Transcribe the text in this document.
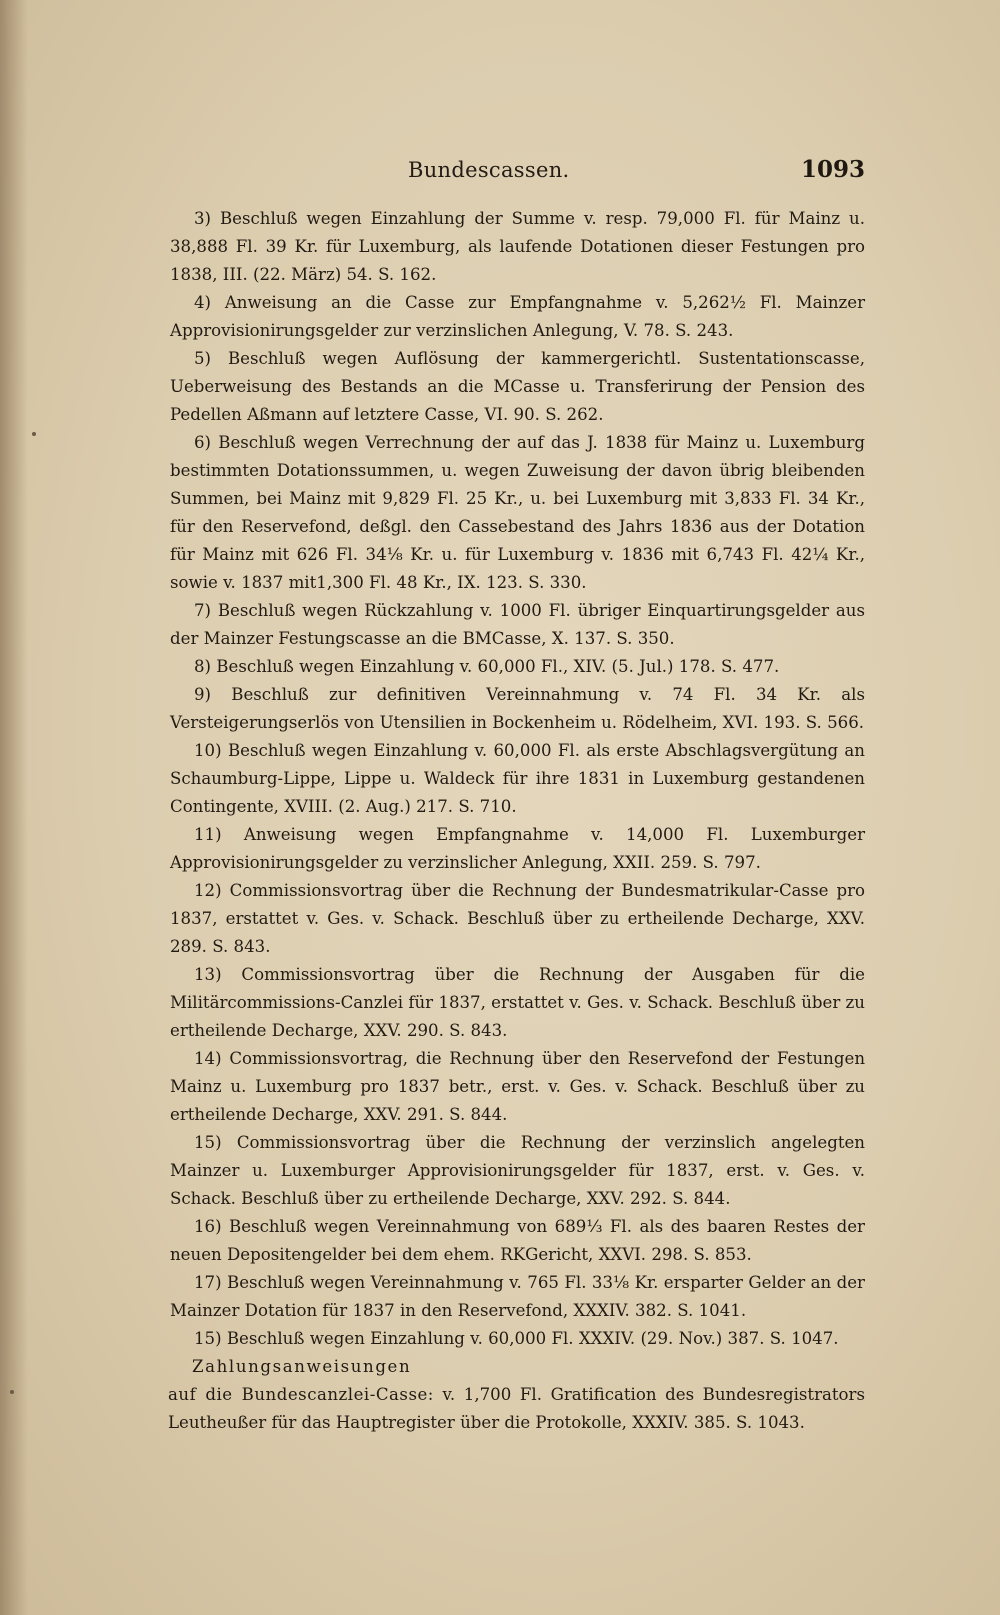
Bundescassen.	1093

3) Beschluß wegen Einzahlung der Summe v. resp. 79,000 Fl. für Mainz u. 38,888 Fl. 39 Kr. für Luxemburg, als laufende Dotationen dieser Festungen pro 1838, III. (22. März) 54. S. 162.

4) Anweisung an die Casse zur Empfangnahme v. 5,262½ Fl. Mainzer Approvisionirungsgelder zur verzinslichen Anlegung, V. 78. S. 243.

5) Beschluß wegen Auflösung der kammergerichtl. Sustentationscasse, Ueberweisung des Bestands an die MCasse u. Transferirung der Pension des Pedellen Aßmann auf letztere Casse, VI. 90. S. 262.

6) Beschluß wegen Verrechnung der auf das J. 1838 für Mainz u. Luxemburg bestimmten Dotationssummen, u. wegen Zuweisung der davon übrig bleibenden Summen, bei Mainz mit 9,829 Fl. 25 Kr., u. bei Luxemburg mit 3,833 Fl. 34 Kr., für den Reservefond, deßgl. den Cassebestand des Jahrs 1836 aus der Dotation für Mainz mit 626 Fl. 34⅛ Kr. u. für Luxemburg v. 1836 mit 6,743 Fl. 42¼ Kr., sowie v. 1837 mit1,300 Fl. 48 Kr., IX. 123. S. 330.

7) Beschluß wegen Rückzahlung v. 1000 Fl. übriger Einquartirungsgelder aus der Mainzer Festungscasse an die BMCasse, X. 137. S. 350.

8) Beschluß wegen Einzahlung v. 60,000 Fl., XIV. (5. Jul.) 178. S. 477.

9) Beschluß zur definitiven Vereinnahmung v. 74 Fl. 34 Kr. als Versteigerungserlös von Utensilien in Bockenheim u. Rödelheim, XVI. 193. S. 566.

10) Beschluß wegen Einzahlung v. 60,000 Fl. als erste Abschlagsvergütung an Schaumburg-Lippe, Lippe u. Waldeck für ihre 1831 in Luxemburg gestandenen Contingente, XVIII. (2. Aug.) 217. S. 710.

11) Anweisung wegen Empfangnahme v. 14,000 Fl. Luxemburger Approvisionirungsgelder zu verzinslicher Anlegung, XXII. 259. S. 797.

12) Commissionsvortrag über die Rechnung der Bundesmatrikular-Casse pro 1837, erstattet v. Ges. v. Schack. Beschluß über zu ertheilende Decharge, XXV. 289. S. 843.

13) Commissionsvortrag über die Rechnung der Ausgaben für die Militärcommissions-Canzlei für 1837, erstattet v. Ges. v. Schack. Beschluß über zu ertheilende Decharge, XXV. 290. S. 843.

14) Commissionsvortrag, die Rechnung über den Reservefond der Festungen Mainz u. Luxemburg pro 1837 betr., erst. v. Ges. v. Schack. Beschluß über zu ertheilende Decharge, XXV. 291. S. 844.

15) Commissionsvortrag über die Rechnung der verzinslich angelegten Mainzer u. Luxemburger Approvisionirungsgelder für 1837, erst. v. Ges. v. Schack. Beschluß über zu ertheilende Decharge, XXV. 292. S. 844.

16) Beschluß wegen Vereinnahmung von 689⅓ Fl. als des baaren Restes der neuen Depositengelder bei dem ehem. RKGericht, XXVI. 298. S. 853.

17) Beschluß wegen Vereinnahmung v. 765 Fl. 33⅛ Kr. ersparter Gelder an der Mainzer Dotation für 1837 in den Reservefond, XXXIV. 382. S. 1041.

15) Beschluß wegen Einzahlung v. 60,000 Fl. XXXIV. (29. Nov.) 387. S. 1047.

Zahlungsanweisungen

auf die Bundescanzlei-Casse: v. 1,700 Fl. Gratification des Bundesregistrators Leutheußer für das Hauptregister über die Protokolle, XXXIV. 385. S. 1043.
